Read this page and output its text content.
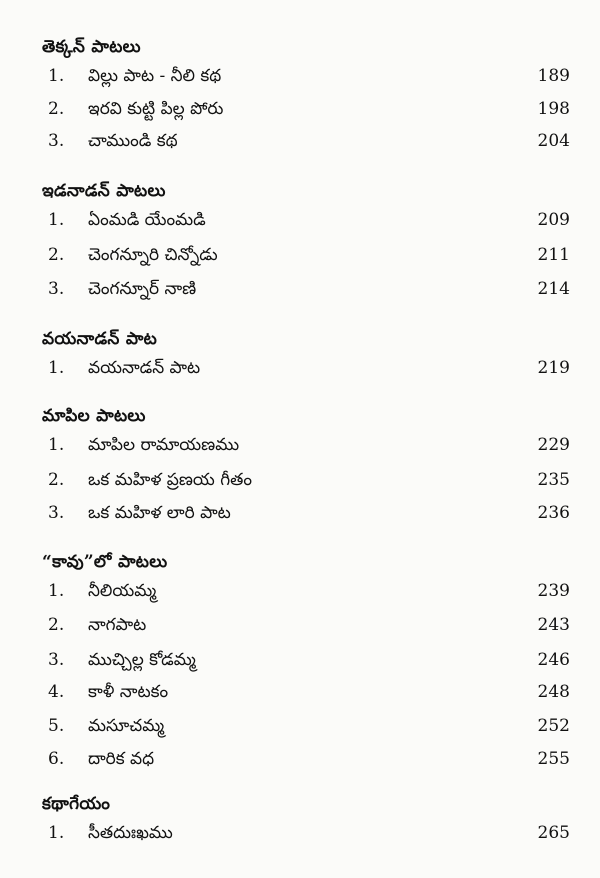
తెక్కన్ పాటలు
1. విల్లు పాట - నీలి కథ	189
2. ఇరవి కుట్టి పిల్ల పోరు	198
3. చాముండి కథ	204
ఇడనాడన్ పాటలు
1. ఏంమడి యేంమడి	209
2. చెంగన్నూరి చిన్నోడు	211
3. చెంగన్నూర్ నాణి	214
వయనాడన్ పాట
1. వయనాడన్ పాట	219
మాపిల పాటలు
1. మాపిల రామాయణము	229
2. ఒక మహిళ ప్రణయ గీతం	235
3. ఒక మహిళ లారి పాట	236
“కావు”లో పాటలు
1. నీలియమ్మ	239
2. నాగపాట	243
3. ముచ్చిల్ల కోడమ్మ	246
4. కాళీ నాటకం	248
5. మసూచమ్మ	252
6. దారిక వధ	255
కథాగేయం
1. సీతదుఃఖము	265
